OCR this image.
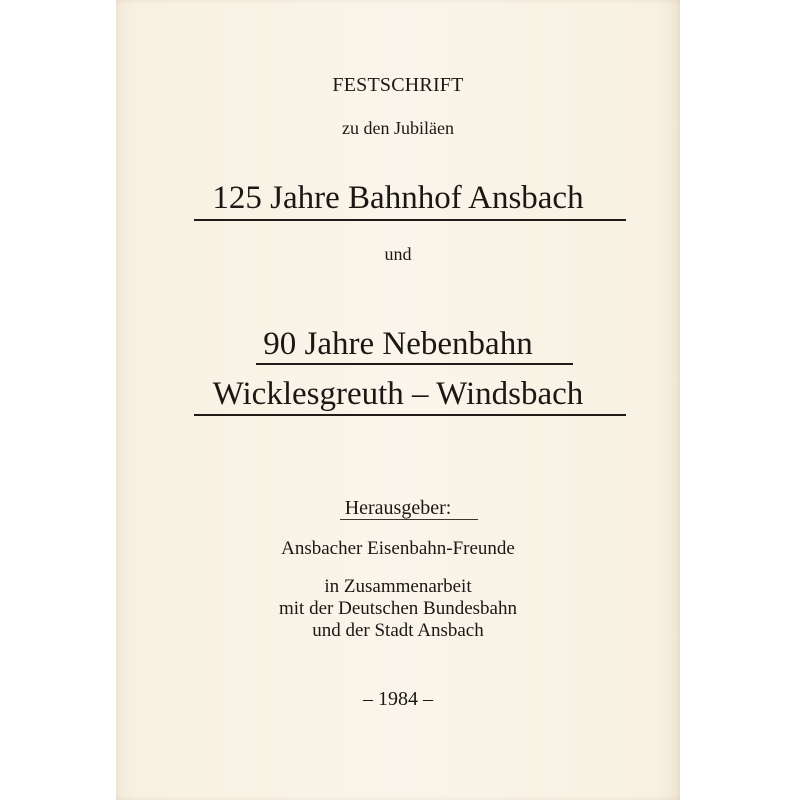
FESTSCHRIFT
zu den Jubiläen
125 Jahre Bahnhof Ansbach
und
90 Jahre Nebenbahn
Wicklesgreuth – Windsbach
Herausgeber:
Ansbacher Eisenbahn-Freunde
in Zusammenarbeit
mit der Deutschen Bundesbahn
und der Stadt Ansbach
– 1984 –
